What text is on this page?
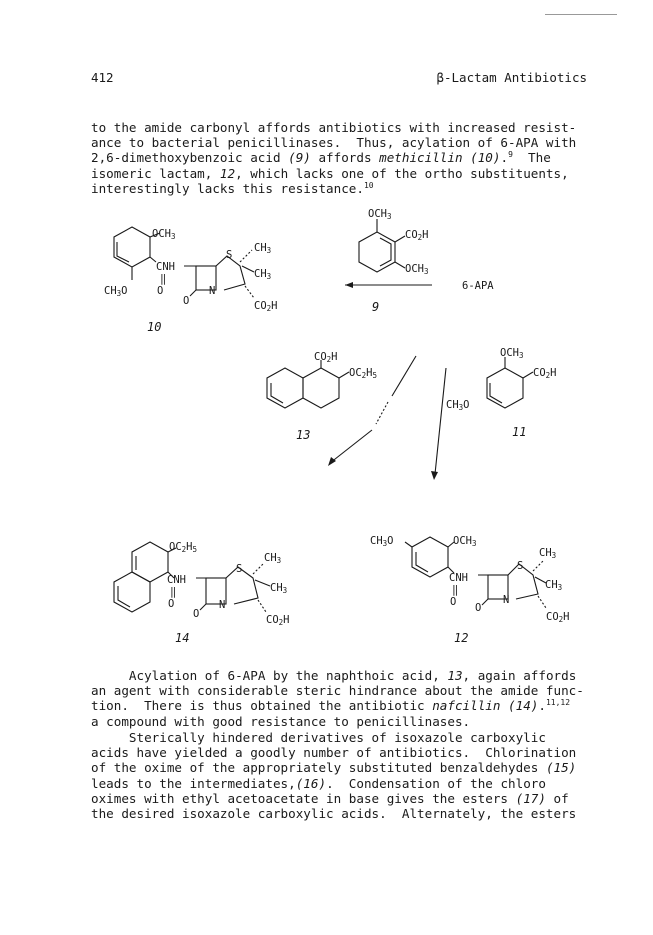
412	β-Lactam Antibiotics
to the amide carbonyl affords antibiotics with increased resist-
ance to bacterial penicillinases.  Thus, acylation of 6-APA with
2,6-dimethoxybenzoic acid (9) affords methicillin (10).$^9$  The
isomeric lactam, 12, which lacks one of the ortho substituents,
interestingly lacks this resistance.$^{10}$
OCH3
CO2H
OCH3
9
6-APA
OCH3
CNH
‖
O
CH3O
O
S
N
CH3
CH3
CO2H
10
CO2H
OC2H5
13
OCH3
CO2H
CH3O
11
OC2H5
CNH
‖
O
O
S
N
CH3
CH3
CO2H
14
CH3O	OCH3
CNH
‖
O O
S
N
CH3
CH3
CO2H
12
Acylation of 6-APA by the naphthoic acid, 13, again affords
an agent with considerable steric hindrance about the amide func-
tion.  There is thus obtained the antibiotic nafcillin (14).$^{11,12}$
a compound with good resistance to penicillinases.
Sterically hindered derivatives of isoxazole carboxylic
acids have yielded a goodly number of antibiotics.  Chlorination
of the oxime of the appropriately substituted benzaldehydes (15)
leads to the intermediates,(16).  Condensation of the chloro
oximes with ethyl acetoacetate in base gives the esters (17) of
the desired isoxazole carboxylic acids.  Alternately, the esters
